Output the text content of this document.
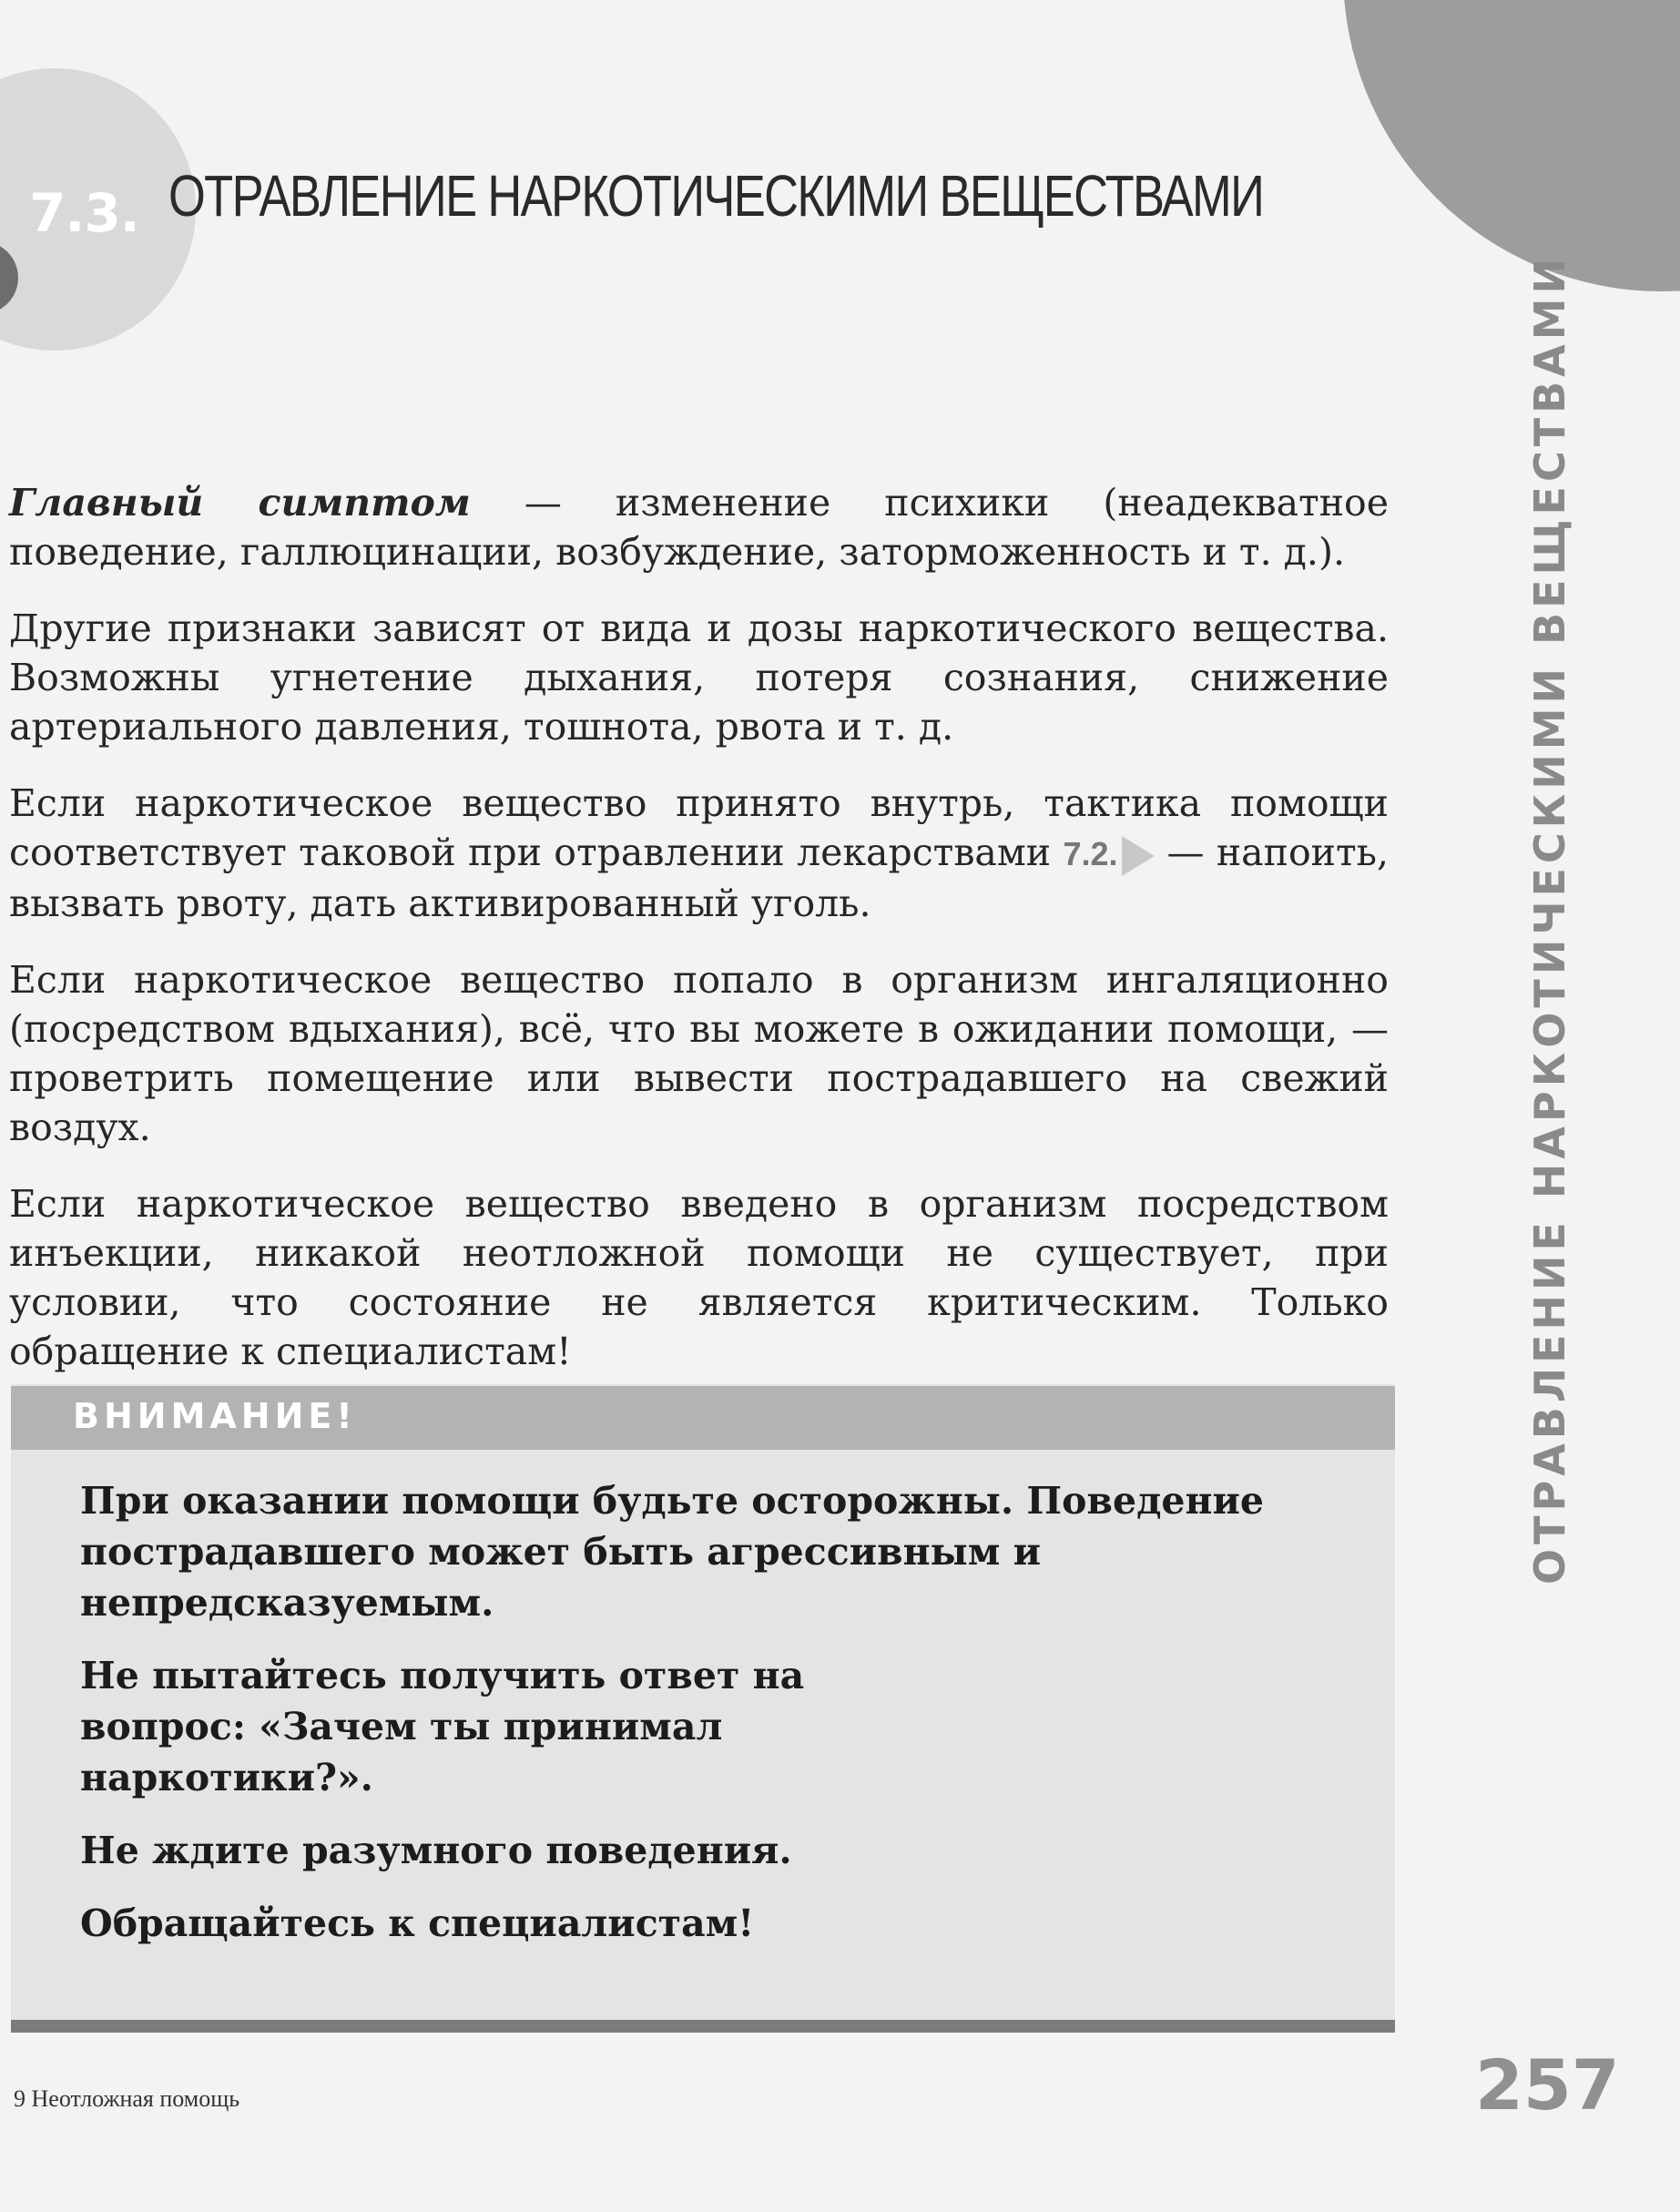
7.3. ОТРАВЛЕНИЕ НАРКОТИЧЕСКИМИ ВЕЩЕСТВАМИ

Главный симптом — изменение психики (неадекватное поведение, галлюцинации, возбуждение, заторможенность и т. д.).

Другие признаки зависят от вида и дозы наркотического вещества. Возможны угнетение дыхания, потеря сознания, снижение артериального давления, тошнота, рвота и т. д.

Если наркотическое вещество принято внутрь, тактика помощи соответствует таковой при отравлении лекарствами 7.2. — напоить, вызвать рвоту, дать активированный уголь.

Если наркотическое вещество попало в организм ингаляционно (посредством вдыхания), всё, что вы можете в ожидании помощи, — проветрить помещение или вывести пострадавшего на свежий воздух.

Если наркотическое вещество введено в организм посредством инъекции, никакой неотложной помощи не существует, при условии, что состояние не является критическим. Только обращение к специалистам!	ОТРАВЛЕНИЕ НАРКОТИЧЕСКИМИ ВЕЩЕСТВАМИ
ВНИМАНИЕ!

При оказании помощи будьте осторожны. Поведение пострадавшего может быть агрессивным и непредсказуемым.

Не пытайтесь получить ответ на вопрос: «Зачем ты принимал наркотики?».

Не ждите разумного поведения.

Обращайтесь к специалистам!

9 Неотложная помощь	257
